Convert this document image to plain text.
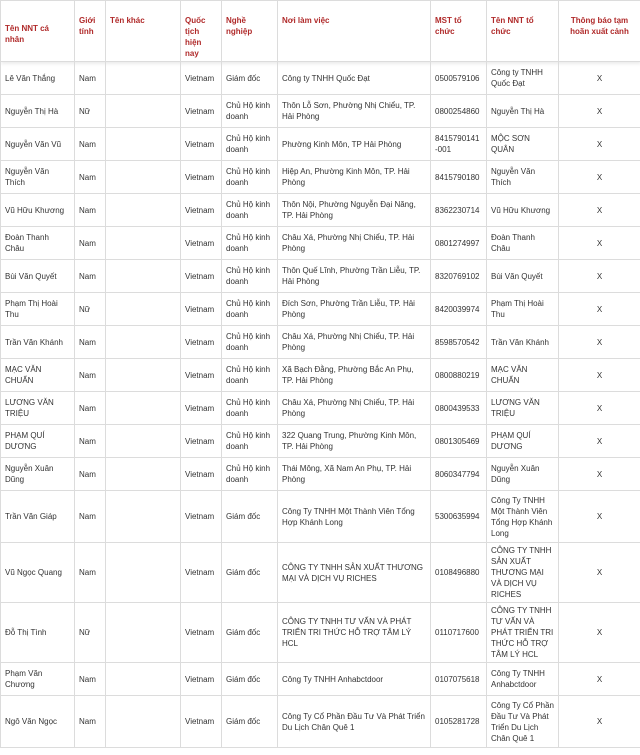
Tên NNT cá nhân	Giới tính	Tên khác	Quốc tịch hiện nay	Nghề nghiệp	Nơi làm việc	MST tổ chức	Tên NNT tổ chức	Thông báo tạm hoãn xuất cảnh
Lê Văn Thắng	Nam		Vietnam	Giám đốc	Công ty TNHH Quốc Đạt	0500579106	Công ty TNHH Quốc Đạt	X
Nguyễn Thị Hà	Nữ		Vietnam	Chủ Hộ kinh doanh	Thôn Lỗ Sơn, Phường Nhị Chiểu, TP. Hải Phòng	0800254860	Nguyễn Thị Hà	X
Nguyễn Văn Vũ	Nam		Vietnam	Chủ Hộ kinh doanh	Phường Kinh Môn, TP Hải Phòng	8415790141-001	MỘC SƠN QUÂN	X
Nguyễn Văn Thích	Nam		Vietnam	Chủ Hộ kinh doanh	Hiệp An, Phường Kinh Môn, TP. Hải Phòng	8415790180	Nguyễn Văn Thích	X
Vũ Hữu Khương	Nam		Vietnam	Chủ Hộ kinh doanh	Thôn Nội, Phường Nguyễn Đại Năng, TP. Hải Phòng	8362230714	Vũ Hữu Khương	X
Đoàn Thanh Châu	Nam		Vietnam	Chủ Hộ kinh doanh	Châu Xá, Phường Nhị Chiểu, TP. Hải Phòng	0801274997	Đoàn Thanh Châu	X
Bùi Văn Quyết	Nam		Vietnam	Chủ Hộ kinh doanh	Thôn Quế Lĩnh, Phường Trần Liễu, TP. Hải Phòng	8320769102	Bùi Văn Quyết	X
Phạm Thị Hoài Thu	Nữ		Vietnam	Chủ Hộ kinh doanh	Đích Sơn, Phường Trần Liễu, TP. Hải Phòng	8420039974	Phạm Thị Hoài Thu	X
Trần Văn Khánh	Nam		Vietnam	Chủ Hộ kinh doanh	Châu Xá, Phường Nhị Chiểu, TP. Hải Phòng	8598570542	Trần Văn Khánh	X
MẠC VĂN CHUẨN	Nam		Vietnam	Chủ Hộ kinh doanh	Xã Bạch Đằng, Phường Bắc An Phụ, TP. Hải Phòng	0800880219	MẠC VĂN CHUẨN	X
LƯƠNG VĂN TRIỆU	Nam		Vietnam	Chủ Hộ kinh doanh	Châu Xá, Phường Nhị Chiểu, TP. Hải Phòng	0800439533	LƯƠNG VĂN TRIỆU	X
PHẠM QUÍ DƯƠNG	Nam		Vietnam	Chủ Hộ kinh doanh	322 Quang Trung, Phường Kinh Môn, TP. Hải Phòng	0801305469	PHẠM QUÍ DƯƠNG	X
Nguyễn Xuân Dũng	Nam		Vietnam	Chủ Hộ kinh doanh	Thái Mông, Xã Nam An Phụ, TP. Hải Phòng	8060347794	Nguyễn Xuân Dũng	X
Trần Văn Giáp	Nam		Vietnam	Giám đốc	Công Ty TNHH Một Thành Viên Tổng Hợp Khánh Long	5300635994	Công Ty TNHH Một Thành Viên Tổng Hợp Khánh Long	X
Vũ Ngọc Quang	Nam		Vietnam	Giám đốc	CÔNG TY TNHH SẢN XUẤT THƯƠNG MẠI VÀ DỊCH VỤ RICHES	0108496880	CÔNG TY TNHH SẢN XUẤT THƯƠNG MẠI VÀ DỊCH VỤ RICHES	X
Đỗ Thị Tình	Nữ		Vietnam	Giám đốc	CÔNG TY TNHH TƯ VẤN VÀ PHÁT TRIỂN TRI THỨC HỖ TRỢ TÂM LÝ HCL	0110717600	CÔNG TY TNHH TƯ VẤN VÀ PHÁT TRIỂN TRI THỨC HỖ TRỢ TÂM LÝ HCL	X
Phạm Văn Chương	Nam		Vietnam	Giám đốc	Công Ty TNHH Anhabctdoor	0107075618	Công Ty TNHH Anhabctdoor	X
Ngô Văn Ngọc	Nam		Vietnam	Giám đốc	Công Ty Cổ Phần Đầu Tư Và Phát Triển Du Lịch Chân Quê 1	0105281728	Công Ty Cổ Phần Đầu Tư Và Phát Triển Du Lịch Chân Quê 1	X
